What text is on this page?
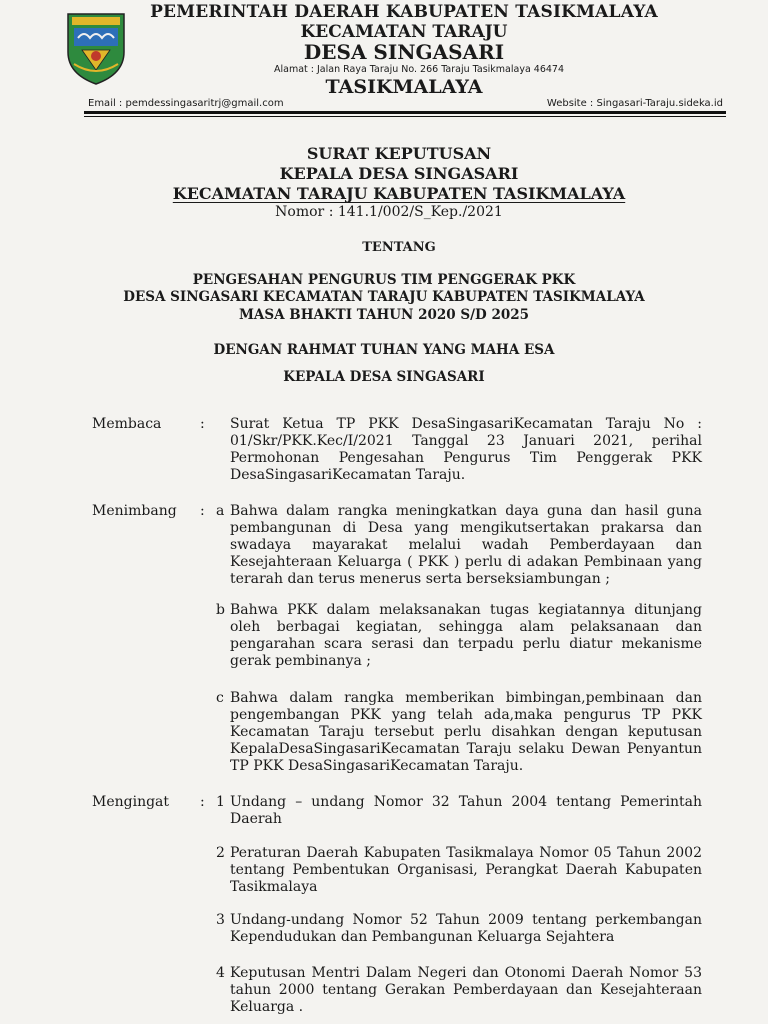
PEMERINTAH DAERAH KABUPATEN TASIKMALAYA
KECAMATAN TARAJU
DESA SINGASARI
Alamat : Jalan Raya Taraju No. 266 Taraju Tasikmalaya 46474
TASIKMALAYA
Email : pemdessingasaritrj@gmail.com	Website : Singasari-Taraju.sideka.id
SURAT KEPUTUSAN
KEPALA DESA SINGASARI
KECAMATAN TARAJU KABUPATEN TASIKMALAYA
Nomor : 141.1/002/S_Kep./2021
TENTANG
PENGESAHAN PENGURUS TIM PENGGERAK PKK
DESA SINGASARI KECAMATAN TARAJU KABUPATEN TASIKMALAYA
MASA BHAKTI TAHUN 2020 S/D 2025
DENGAN RAHMAT TUHAN YANG MAHA ESA
KEPALA DESA SINGASARI
Membaca	: Surat Ketua TP PKK DesaSingasariKecamatan Taraju No : 01/Skr/PKK.Kec/I/2021 Tanggal 23 Januari 2021, perihal Permohonan Pengesahan Pengurus Tim Penggerak PKK DesaSingasariKecamatan Taraju.
Menimbang : a Bahwa dalam rangka meningkatkan daya guna dan hasil guna pembangunan di Desa yang mengikutsertakan prakarsa dan swadaya mayarakat melalui wadah Pemberdayaan dan Kesejahteraan Keluarga ( PKK ) perlu di adakan Pembinaan yang terarah dan terus menerus serta berseksiambungan ;
b Bahwa PKK dalam melaksanakan tugas kegiatannya ditunjang oleh berbagai kegiatan, sehingga alam pelaksanaan dan pengarahan scara serasi dan terpadu perlu diatur mekanisme gerak pembinanya ;
c Bahwa dalam rangka memberikan bimbingan,pembinaan dan pengembangan PKK yang telah ada,maka pengurus TP PKK Kecamatan Taraju tersebut perlu disahkan dengan keputusan KepalaDesaSingasariKecamatan Taraju selaku Dewan Penyantun TP PKK DesaSingasariKecamatan Taraju.
Mengingat : 1 Undang – undang Nomor 32 Tahun 2004 tentang Pemerintah Daerah
2 Peraturan Daerah Kabupaten Tasikmalaya Nomor 05 Tahun 2002 tentang Pembentukan Organisasi, Perangkat Daerah Kabupaten Tasikmalaya
3 Undang-undang Nomor 52 Tahun 2009 tentang perkembangan Kependudukan dan Pembangunan Keluarga Sejahtera
4 Keputusan Mentri Dalam Negeri dan Otonomi Daerah Nomor 53 tahun 2000 tentang Gerakan Pemberdayaan dan Kesejahteraan Keluarga .
